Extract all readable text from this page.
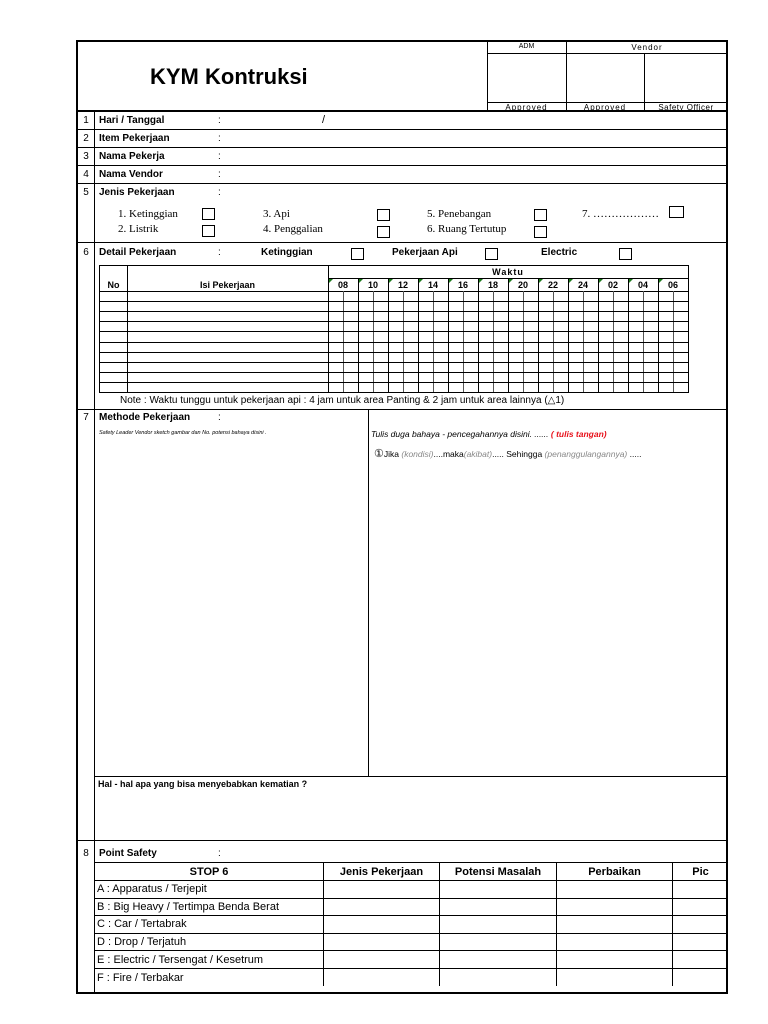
KYM Kontruksi
ADM	Vendor
Approved	Approved	Safety Officer
1	Hari / Tanggal	:	/
2	Item Pekerjaan	:
3	Nama Pekerja	:
4	Nama Vendor	:
5	Jenis Pekerjaan	:
1. Ketinggian
2. Listrik
3. Api
4. Penggalian
5. Penebangan
6. Ruang Tertutup
7. ………………
6	Detail Pekerjaan	:	Ketinggian	Pekerjaan Api	Electric
No	Isi Pekerjaan
Waktu
08	10	12	14	16	18	20	22	24	02	04	06
Note : Waktu tunggu untuk pekerjaan api : 4 jam untuk area Panting & 2 jam untuk area lainnya (△1)
7	Methode Pekerjaan	:
Safety Leader Vendor sketch gambar dan No. potensi bahaya disini .	Tulis duga bahaya - pencegahannya disini. ...... ( tulis tangan)
①Jika (kondisi)....maka(akibat)..... Sehingga (penanggulangannya) .....
Hal - hal apa yang bisa menyebabkan kematian ?
8	Point Safety	:
STOP 6	Jenis Pekerjaan	Potensi Masalah	Perbaikan	Pic
A : Apparatus / Terjepit				
B : Big Heavy / Tertimpa Benda Berat				
C : Car / Tertabrak				
D : Drop / Terjatuh				
E : Electric / Tersengat / Kesetrum				
F : Fire / Terbakar				
